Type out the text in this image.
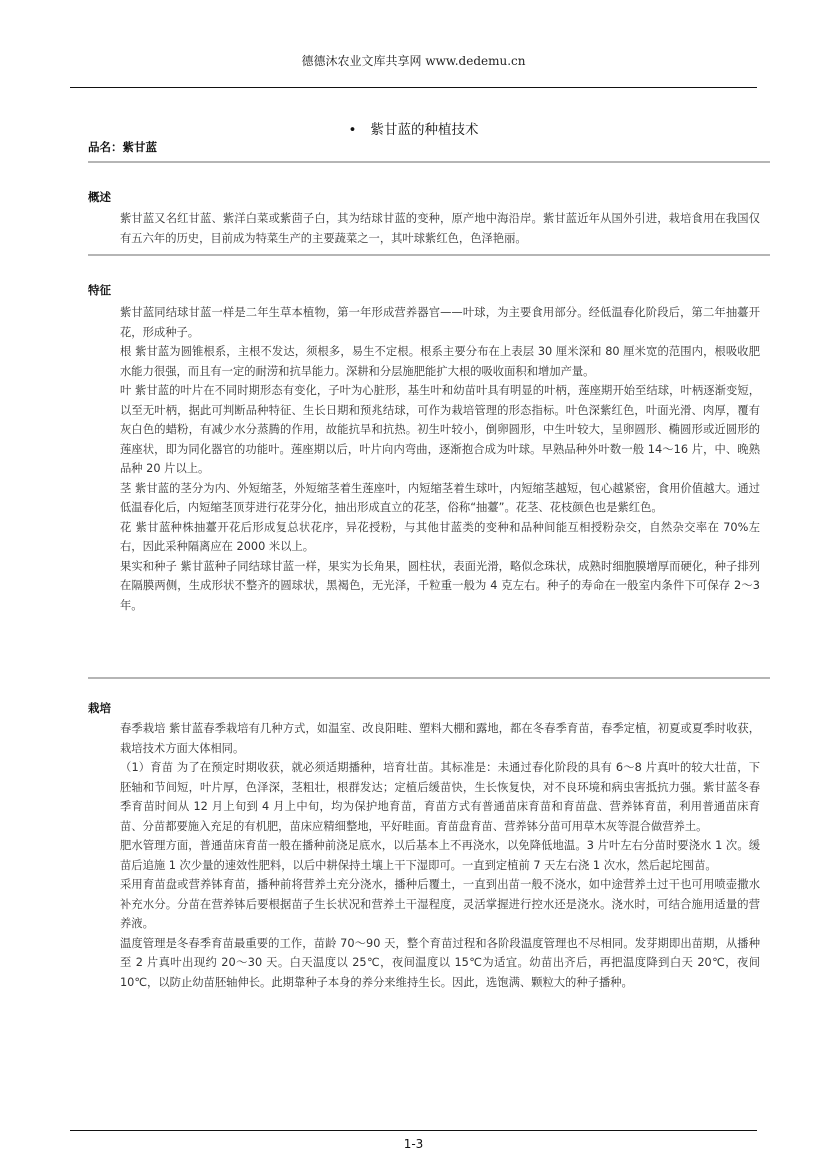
德德沐农业文库共享网 www.dedemu.cn
• 紫甘蓝的种植技术
品名：紫甘蓝
概述

紫甘蓝又名红甘蓝、紫洋白菜或紫茴子白，其为结球甘蓝的变种，原产地中海沿岸。紫甘蓝近年从国外引进，栽培食用在我国仅有五六年的历史，目前成为特菜生产的主要蔬菜之一，其叶球紫红色，色泽艳丽。

特征

紫甘蓝同结球甘蓝一样是二年生草本植物，第一年形成营养器官——叶球，为主要食用部分。经低温春化阶段后，第二年抽薹开花，形成种子。

根 紫甘蓝为圆锥根系，主根不发达，须根多，易生不定根。根系主要分布在上表层 30 厘米深和 80 厘米宽的范围内，根吸收肥水能力很强，而且有一定的耐涝和抗旱能力。深耕和分层施肥能扩大根的吸收面积和增加产量。

叶 紫甘蓝的叶片在不同时期形态有变化，子叶为心脏形，基生叶和幼苗叶具有明显的叶柄，莲座期开始至结球，叶柄逐渐变短，以至无叶柄，据此可判断品种特征、生长日期和预兆结球，可作为栽培管理的形态指标。叶色深紫红色，叶面光滑、肉厚，覆有灰白色的蜡粉，有减少水分蒸腾的作用，故能抗旱和抗热。初生叶较小，倒卵圆形，中生叶较大，呈卵圆形、椭圆形或近圆形的莲座状，即为同化器官的功能叶。莲座期以后，叶片向内弯曲，逐渐抱合成为叶球。早熟品种外叶数一般 14～16 片，中、晚熟品种 20 片以上。

茎 紫甘蓝的茎分为内、外短缩茎，外短缩茎着生莲座叶，内短缩茎着生球叶，内短缩茎越短，包心越紧密，食用价值越大。通过低温春化后，内短缩茎顶芽进行花芽分化，抽出形成直立的花茎，俗称“抽薹”。花茎、花枝颜色也是紫红色。

花 紫甘蓝种株抽薹开花后形成复总状花序，异花授粉，与其他甘蓝类的变种和品种间能互相授粉杂交，自然杂交率在 70%左右，因此采种隔离应在 2000 米以上。

果实和种子 紫甘蓝种子同结球甘蓝一样，果实为长角果，圆柱状，表面光滑，略似念珠状，成熟时细胞膜增厚而硬化，种子排列在隔膜两侧，生成形状不整齐的圆球状，黑褐色，无光泽，千粒重一般为 4 克左右。种子的寿命在一般室内条件下可保存 2～3 年。

栽培

春季栽培 紫甘蓝春季栽培有几种方式，如温室、改良阳畦、塑料大棚和露地，都在冬春季育苗，春季定植，初夏或夏季时收获，栽培技术方面大体相同。

（1）育苗 为了在预定时期收获，就必须适期播种，培育壮苗。其标准是：未通过春化阶段的具有 6～8 片真叶的较大壮苗，下胚轴和节间短，叶片厚，色泽深，茎粗壮，根群发达；定植后缓苗快，生长恢复快，对不良环境和病虫害抵抗力强。紫甘蓝冬春季育苗时间从 12 月上旬到 4 月上中旬，均为保护地育苗，育苗方式有普通苗床育苗和育苗盘、营养钵育苗，利用普通苗床育苗、分苗都要施入充足的有机肥，苗床应精细整地，平好畦面。育苗盘育苗、营养钵分苗可用草木灰等混合做营养土。

肥水管理方面，普通苗床育苗一般在播种前浇足底水，以后基本上不再浇水，以免降低地温。3 片叶左右分苗时要浇水 1 次。缓苗后追施 1 次少量的速效性肥料，以后中耕保持土壤上干下湿即可。一直到定植前 7 天左右浇 1 次水，然后起坨囤苗。

采用育苗盘或营养钵育苗，播种前将营养土充分浇水，播种后覆土，一直到出苗一般不浇水，如中途营养土过干也可用喷壶撒水补充水分。分苗在营养钵后要根据苗子生长状况和营养土干湿程度，灵活掌握进行控水还是浇水。浇水时，可结合施用适量的营养液。

温度管理是冬春季育苗最重要的工作，苗龄 70～90 天，整个育苗过程和各阶段温度管理也不尽相同。发芽期即出苗期，从播种至 2 片真叶出现约 20～30 天。白天温度以 25℃，夜间温度以 15℃为适宜。幼苗出齐后，再把温度降到白天 20℃，夜间 10℃，以防止幼苗胚轴伸长。此期靠种子本身的养分来维持生长。因此，选饱满、颗粒大的种子播种。

1-3
